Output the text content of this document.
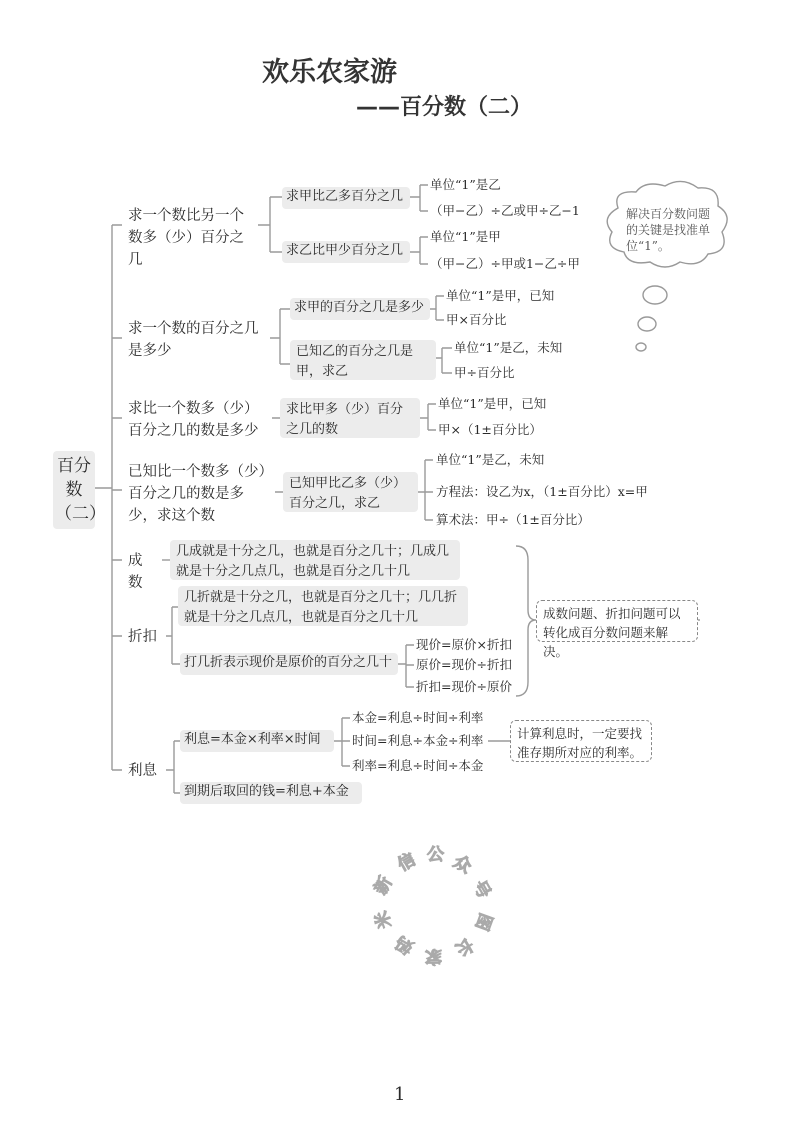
欢乐农家游
——百分数（二）
解决百分数问题的关键是找准单位“1”。
百分数（二）
求一个数比另一个数多（少）百分之几
求甲比乙多百分之几
单位“1”是乙
（甲−乙）÷乙或甲÷乙−1
求乙比甲少百分之几
单位“1”是甲
（甲−乙）÷甲或1−乙÷甲
求一个数的百分之几是多少
求甲的百分之几是多少
单位“1”是甲，已知
甲×百分比
已知乙的百分之几是甲，求乙
单位“1”是乙，未知
甲÷百分比
求比一个数多（少）百分之几的数是多少
求比甲多（少）百分之几的数
单位“1”是甲，已知
甲×（1±百分比）
已知比一个数多（少）百分之几的数是多少，求这个数
已知甲比乙多（少）百分之几，求乙
单位“1”是乙，未知
方程法：设乙为x，（1±百分比）x=甲
算术法：甲÷（1±百分比）
成数
几成就是十分之几，也就是百分之几十；几成几就是十分之几点几，也就是百分之几十几
折扣
几折就是十分之几，也就是百分之几十；几几折就是十分之几点几，也就是百分之几十几
打几折表示现价是原价的百分之几十
现价=原价×折扣
原价=现价÷折扣
折扣=现价÷原价
成数问题、折扣问题可以转化成百分数问题来解决。
利息
利息=本金×利率×时间
本金=利息÷时间÷利率
时间=利息÷本金÷利率
利率=利息÷时间÷本金
到期后取回的钱=利息+本金
计算利息时，一定要找准存期所对应的利率。
新
信 公 众
号
图
长
家
妈
米
1
